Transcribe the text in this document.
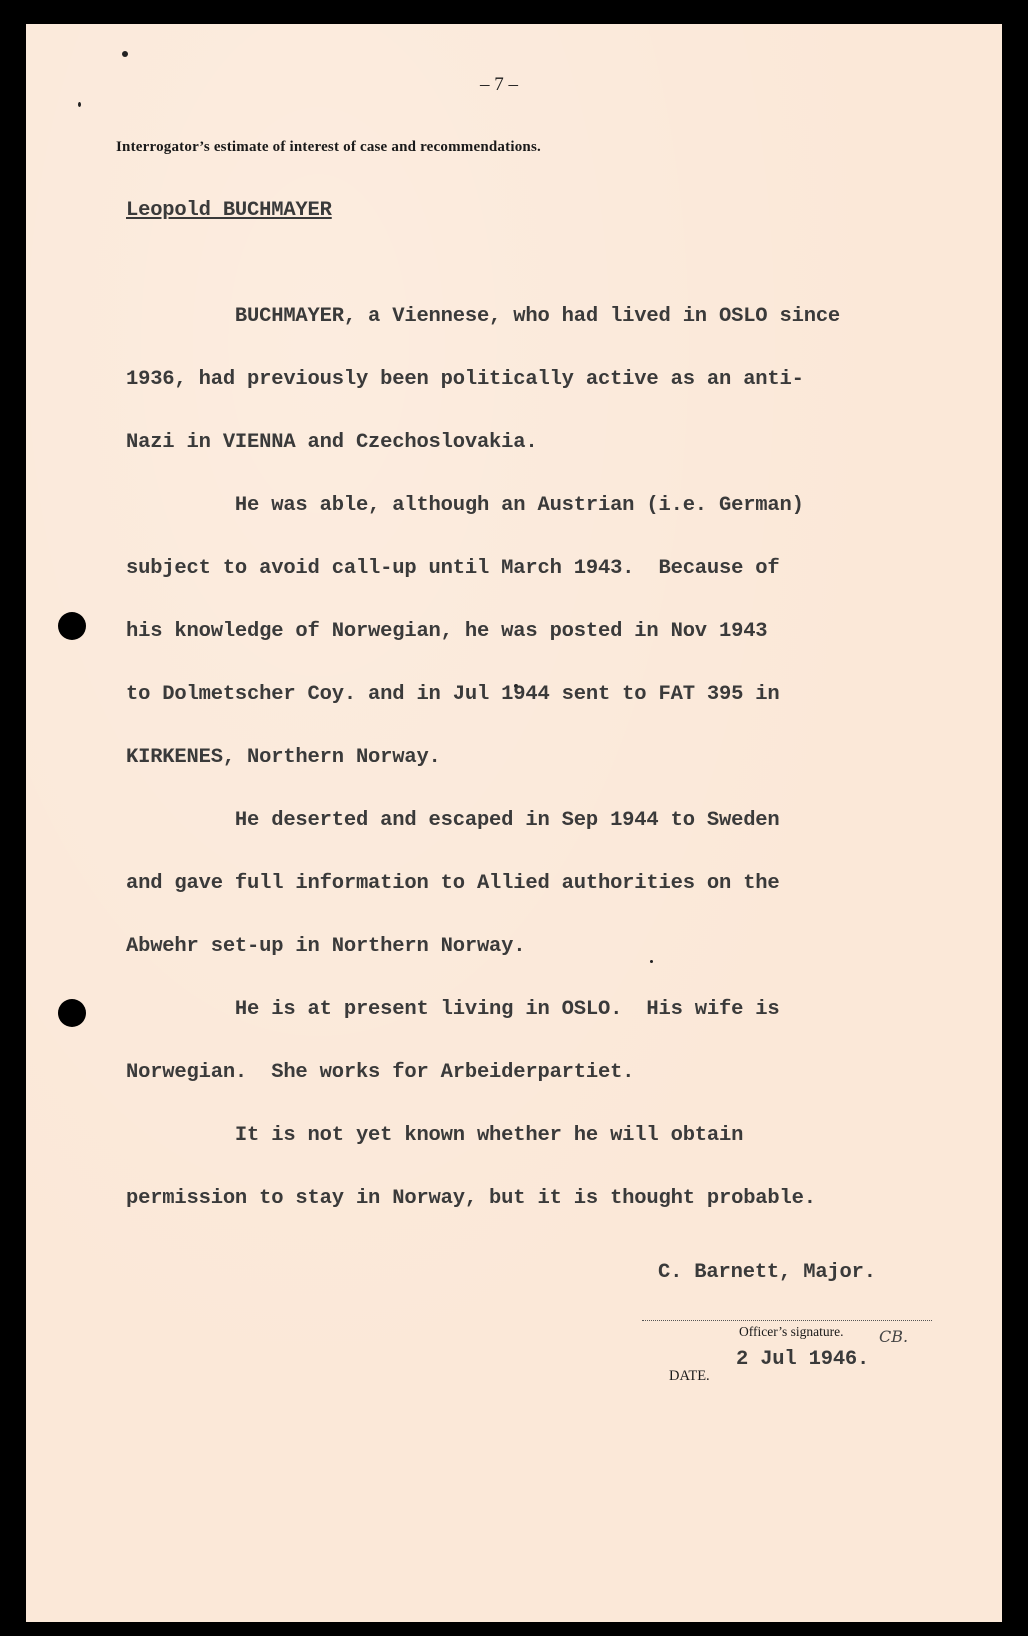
– 7 –
Interrogator’s estimate of interest of case and recommendations.
Leopold BUCHMAYER

BUCHMAYER, a Viennese, who had lived in OSLO since

1936, had previously been politically active as an anti-

Nazi in VIENNA and Czechoslovakia.

He was able, although an Austrian (i.e. German)

subject to avoid call-up until March 1943.  Because of

his knowledge of Norwegian, he was posted in Nov 1943

to Dolmetscher Coy. and in Jul 1944 sent to FAT 395 in

KIRKENES, Northern Norway.

He deserted and escaped in Sep 1944 to Sweden

and gave full information to Allied authorities on the

Abwehr set-up in Northern Norway.

He is at present living in OSLO.  His wife is

Norwegian.  She works for Arbeiderpartiet.

It is not yet known whether he will obtain

permission to stay in Norway, but it is thought probable.

C. Barnett, Major.
Officer’s signature. CB.
2 Jul 1946.
DATE.
